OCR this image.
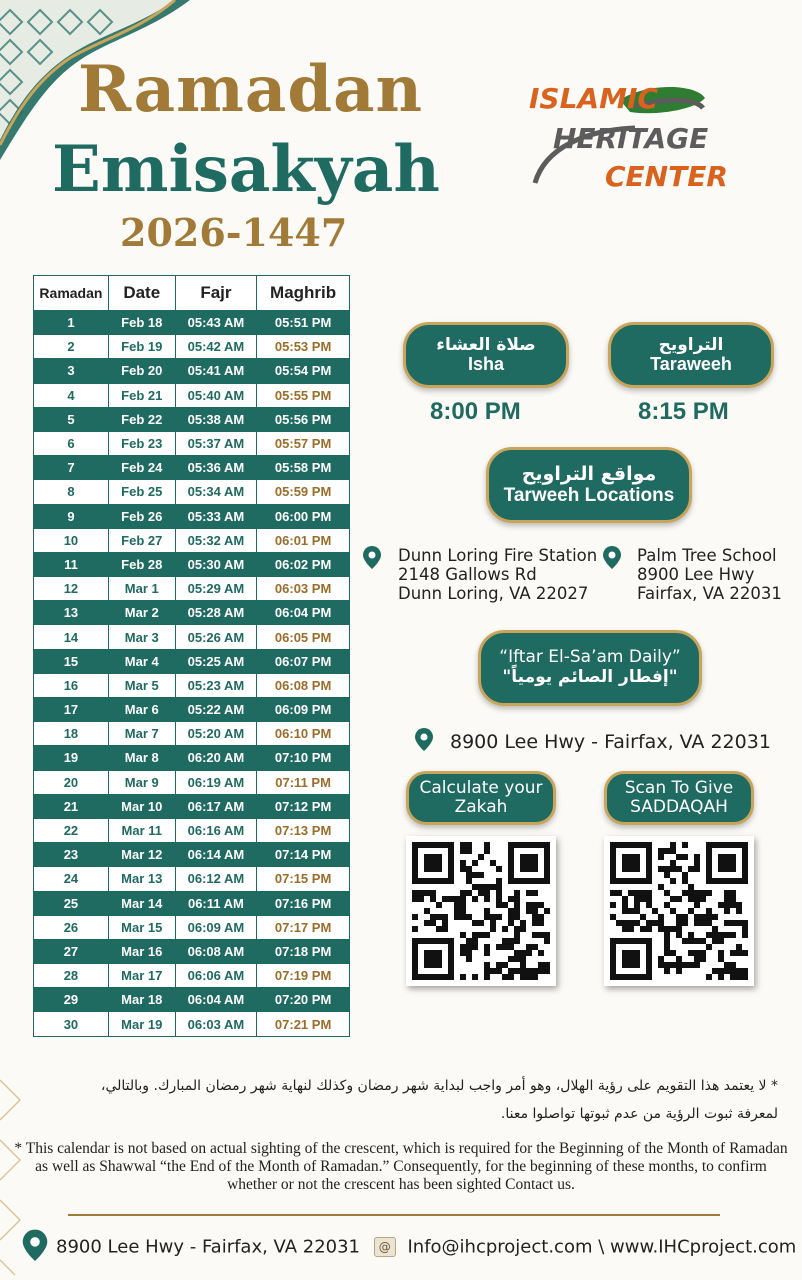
Ramadan
Emisakyah
2026-1447
ISLAMIC
HERITAGE
CENTER
Ramadan	Date	Fajr	Maghrib
1	Feb 18	05:43 AM	05:51 PM
2	Feb 19	05:42 AM	05:53 PM
3	Feb 20	05:41 AM	05:54 PM
4	Feb 21	05:40 AM	05:55 PM
5	Feb 22	05:38 AM	05:56 PM
6	Feb 23	05:37 AM	05:57 PM
7	Feb 24	05:36 AM	05:58 PM
8	Feb 25	05:34 AM	05:59 PM
9	Feb 26	05:33 AM	06:00 PM
10	Feb 27	05:32 AM	06:01 PM
11	Feb 28	05:30 AM	06:02 PM
12	Mar 1	05:29 AM	06:03 PM
13	Mar 2	05:28 AM	06:04 PM
14	Mar 3	05:26 AM	06:05 PM
15	Mar 4	05:25 AM	06:07 PM
16	Mar 5	05:23 AM	06:08 PM
17	Mar 6	05:22 AM	06:09 PM
18	Mar 7	05:20 AM	06:10 PM
19	Mar 8	06:20 AM	07:10 PM
20	Mar 9	06:19 AM	07:11 PM
21	Mar 10	06:17 AM	07:12 PM
22	Mar 11	06:16 AM	07:13 PM
23	Mar 12	06:14 AM	07:14 PM
24	Mar 13	06:12 AM	07:15 PM
25	Mar 14	06:11 AM	07:16 PM
26	Mar 15	06:09 AM	07:17 PM
27	Mar 16	06:08 AM	07:18 PM
28	Mar 17	06:06 AM	07:19 PM
29	Mar 18	06:04 AM	07:20 PM
30	Mar 19	06:03 AM	07:21 PM
صلاة العشاء
Isha
التراويح
Taraweeh
8:00 PM	8:15 PM
مواقع التراويح
Tarweeh Locations
Dunn Loring Fire Station
2148 Gallows Rd
Dunn Loring, VA 22027
Palm Tree School
8900 Lee Hwy
Fairfax, VA 22031
“Iftar El-Sa’am Daily”
"إفطار الصائم يومياً"
8900 Lee Hwy - Fairfax, VA 22031
Calculate your
Zakah
Scan To Give
SADDAQAH
* لا يعتمد هذا التقويم على رؤية الهلال، وهو أمر واجب لبداية شهر رمضان وكذلك لنهاية شهر رمضان المبارك. وبالتالي،
لمعرفة ثبوت الرؤية من عدم ثبوتها تواصلوا معنا.
* This calendar is not based on actual sighting of the crescent, which is required for the Beginning of the Month of Ramadan as well as Shawwal “the End of the Month of Ramadan.” Consequently, for the beginning of these months, to confirm whether or not the crescent has been sighted Contact us.
8900 Lee Hwy - Fairfax, VA 22031 @ Info@ihcproject.com \ www.IHCproject.com
